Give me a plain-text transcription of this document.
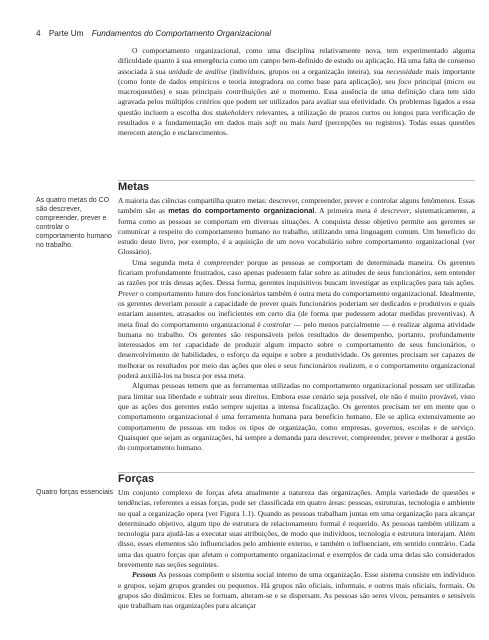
4 Parte Um Fundamentos do Comportamento Organizacional

O comportamento organizacional, como uma disciplina relativamente nova, tem experimentado alguma dificuldade quanto à sua emergência como um campo bem-definido de estudo ou aplicação. Há uma falta de consenso associada à sua unidade de análise (indivíduos, grupos ou a organização inteira), sua necessidade mais importante (como fonte de dados empíricos e teoria integradora ou como base para aplicação), seu foco principal (micro ou macroquestões) e suas principais contribuições até o momento. Essa ausência de uma definição clara tem sido agravada pelos múltiplos critérios que podem ser utilizados para avaliar sua efetividade. Os problemas ligados a essa questão incluem a escolha dos stakeholders relevantes, a utilização de prazos curtos ou longos para verificação de resultados e a fundamentação em dados mais soft ou mais hard (percepções ou registros). Todas essas questões merecem atenção e esclarecimentos.

Metas

A maioria das ciências compartilha quatro metas: descrever, compreender, prever e controlar alguns fenômenos. Essas também são as metas do comportamento organizacional. A primeira meta é descrever, sistematicamente, a forma como as pessoas se comportam em diversas situações. A conquista desse objetivo permite aos gerentes se comunicar a respeito do comportamento humano no trabalho, utilizando uma linguagem comum. Um benefício do estudo deste livro, por exemplo, é a aquisição de um novo vocabulário sobre comportamento organizacional (ver Glossário).

Uma segunda meta é compreender porque as pessoas se comportam de determinada maneira. Os gerentes ficariam profundamente frustrados, caso apenas pudessem falar sobre as atitudes de seus funcionários, sem entender as razões por trás dessas ações. Dessa forma, gerentes inquisitivos buscam investigar as explicações para tais ações. Prever o comportamento futuro dos funcionários também é outra meta do comportamento organizacional. Idealmente, os gerentes deveriam possuir a capacidade de prever quais funcionários poderiam ser dedicados e produtivos e quais estariam ausentes, atrasados ou ineficientes em certo dia (de forma que pudessem adotar medidas preventivas). A meta final do comportamento organizacional é controlar — pelo menos parcialmente — e realizar alguma atividade humana no trabalho. Os gerentes são responsáveis pelos resultados de desempenho, portanto, profundamente interessados em ter capacidade de produzir algum impacto sobre o comportamento de seus funcionários, o desenvolvimento de habilidades, o esforço da equipe e sobre a produtividade. Os gerentes precisam ser capazes de melhorar os resultados por meio das ações que eles e seus funcionários realizem, e o comportamento organizacional poderá auxiliá-los na busca por essa meta.

Algumas pessoas temem que as ferramentas utilizadas no comportamento organizacional possam ser utilizadas para limitar sua liberdade e subtrair seus direitos. Embora esse cenário seja possível, ele não é muito provável, visto que as ações dos gerentes estão sempre sujeitas a intensa fiscalização. Os gerentes precisam ter em mente que o comportamento organizacional é uma ferramenta humana para benefício humano. Ele se aplica extensivamente ao comportamento de pessoas em todos os tipos de organização, como empresas, governos, escolas e de serviço. Quaisquer que sejam as organizações, há sempre a demanda para descrever, compreender, prever e melhorar a gestão do comportamento humano.

As quatro metas do CO são descrever, compreender, prever e controlar o comportamento humano no trabalho.
Forças

Um conjunto complexo de forças afeta atualmente a natureza das organizações. Ampla variedade de questões e tendências, referentes a essas forças, pode ser classificada em quatro áreas: pessoas, estruturas, tecnologia e ambiente no qual a organização opera (ver Figura 1.1). Quando as pessoas trabalham juntas em uma organização para alcançar determinado objetivo, algum tipo de estrutura de relacionamento formal é requerido. As pessoas também utilizam a tecnologia para ajudá-las a executar suas atribuições, de modo que indivíduos, tecnologia e estrutura interajam. Além disso, esses elementos são influenciados pelo ambiente externo, e também o influenciam, em sentido contrário. Cada uma das quatro forças que afetam o comportamento organizacional e exemplos de cada uma delas são considerados brevemente nas seções seguintes.

Pessoas As pessoas compõem o sistema social interno de uma organização. Esse sistema consiste em indivíduos e grupos, sejam grupos grandes ou pequenos. Há grupos não oficiais, informais, e outros mais oficiais, formais. Os grupos são dinâmicos. Eles se formam, alteram-se e se dispersam. As pessoas são seres vivos, pensantes e sensíveis que trabalham nas organizações para alcançar

Quatro forças essenciais
